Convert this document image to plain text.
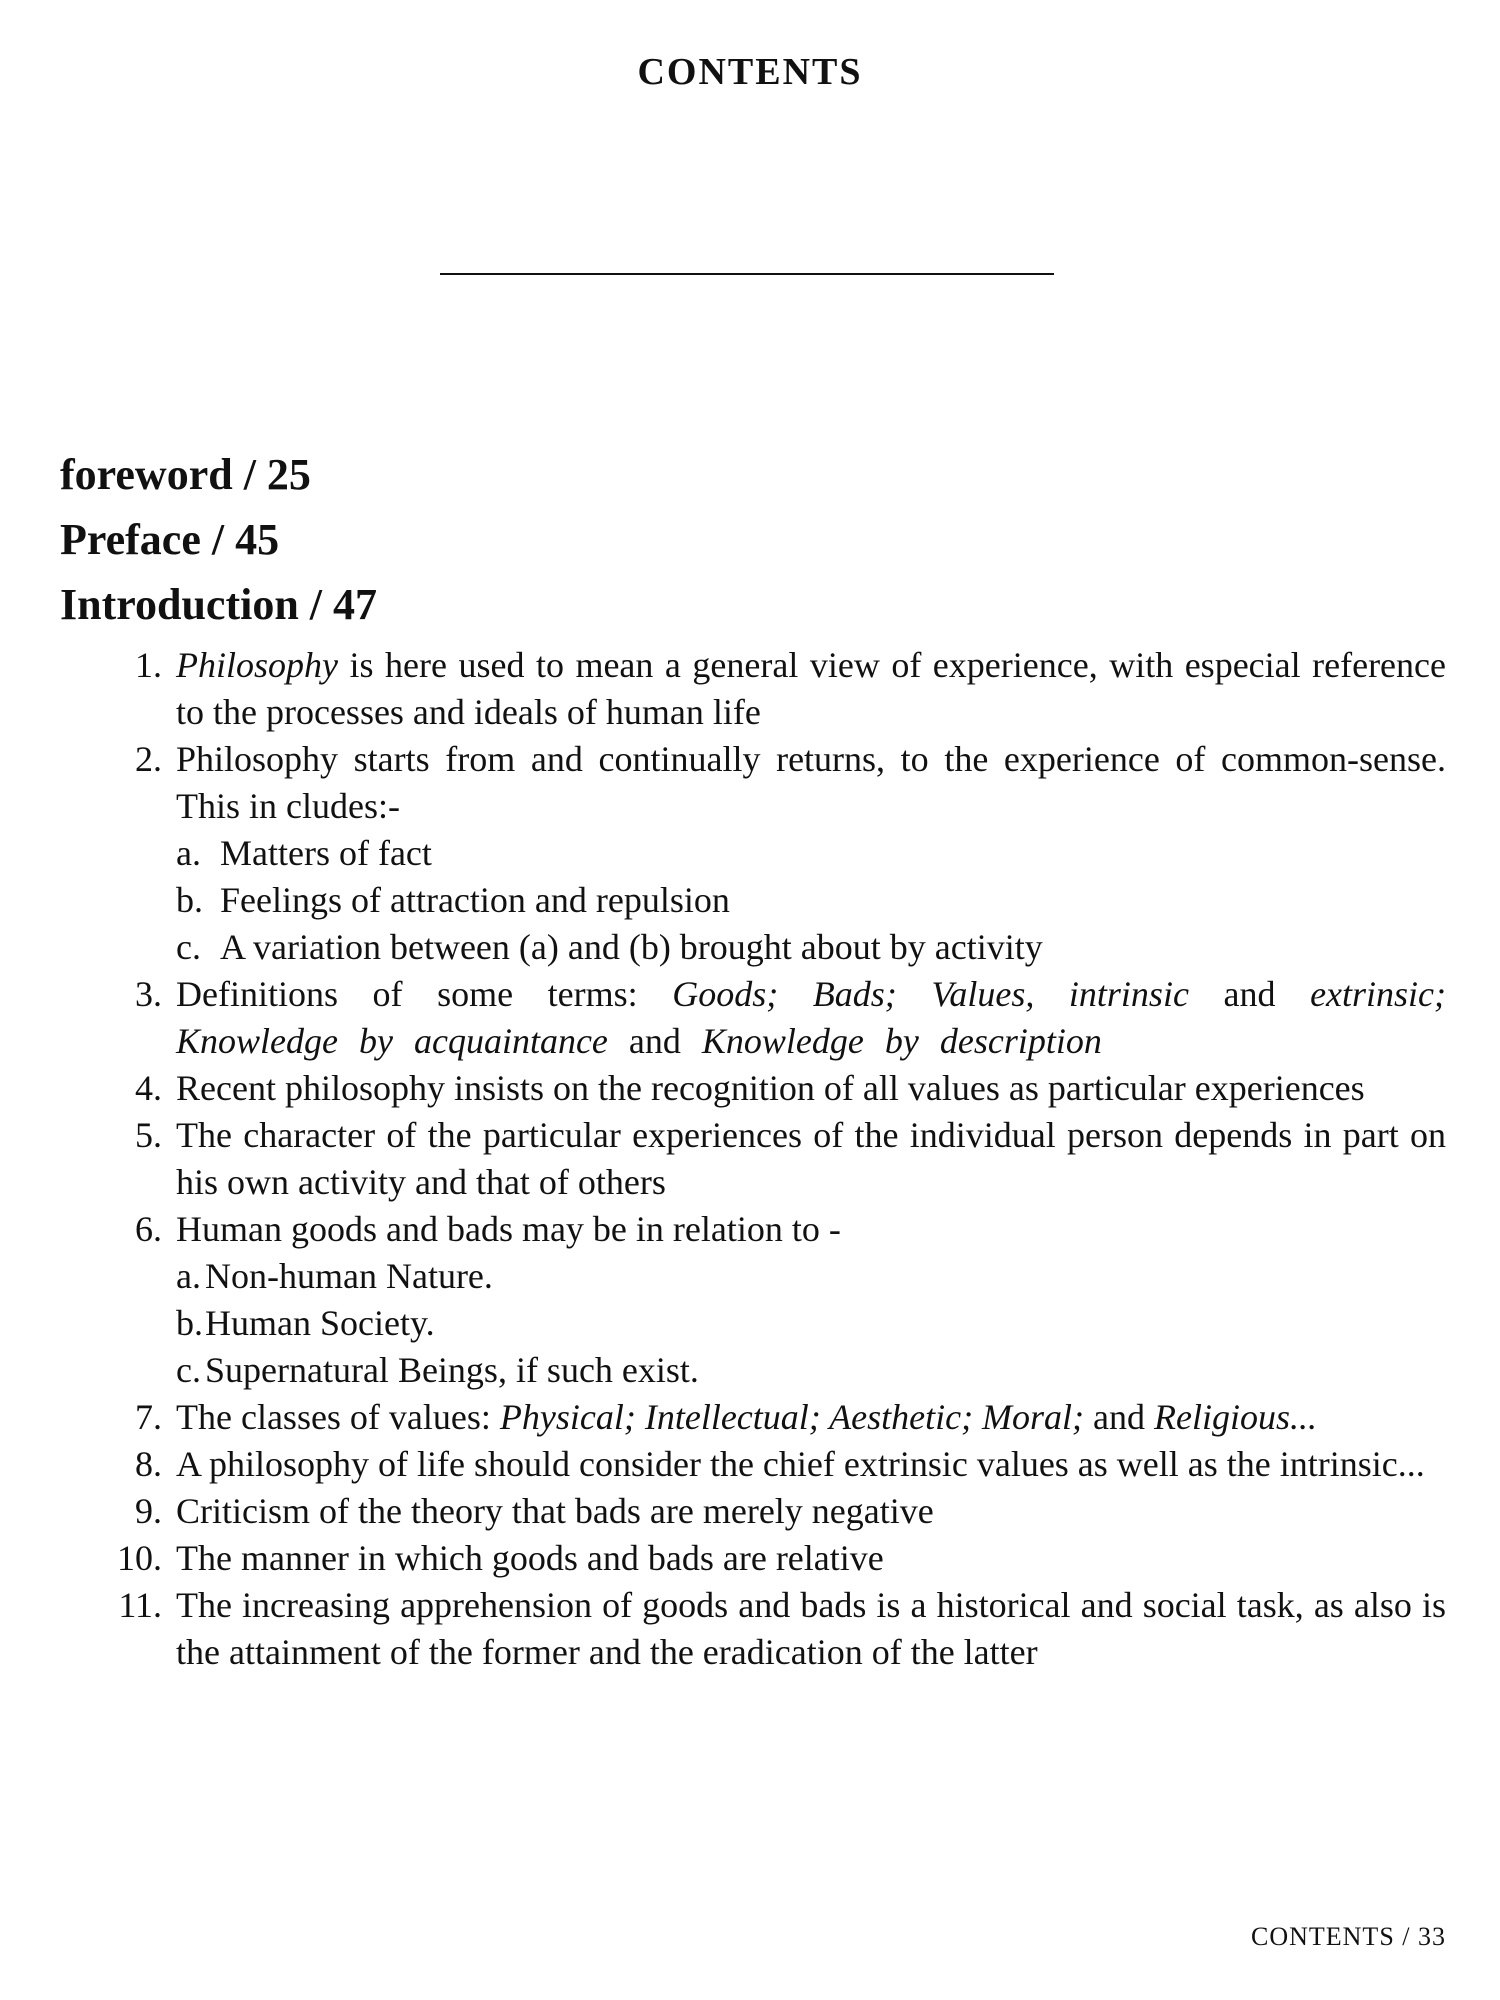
CONTENTS
foreword / 25
Preface / 45
Introduction / 47
1. Philosophy is here used to mean a general view of experience, with especial reference to the processes and ideals of human life
2. Philosophy starts from and continually returns, to the experience of common-sense. This in cludes:-
a. Matters of fact
b. Feelings of attraction and repulsion
c. A variation between (a) and (b) brought about by activity
3. Definitions of some terms: Goods; Bads; Values, intrinsic and extrinsic; Knowledge by acquaintance and Knowledge by description
4. Recent philosophy insists on the recognition of all values as particular experiences
5. The character of the particular experiences of the individual person depends in part on his own activity and that of others
6. Human goods and bads may be in relation to -
a. Non-human Nature.
b. Human Society.
c. Supernatural Beings, if such exist.
7. The classes of values: Physical; Intellectual; Aesthetic; Moral; and Religious...
8. A philosophy of life should consider the chief extrinsic values as well as the intrinsic...
9. Criticism of the theory that bads are merely negative
10. The manner in which goods and bads are relative
11. The increasing apprehension of goods and bads is a historical and social task, as also is the attainment of the former and the eradication of the latter
CONTENTS / 33
